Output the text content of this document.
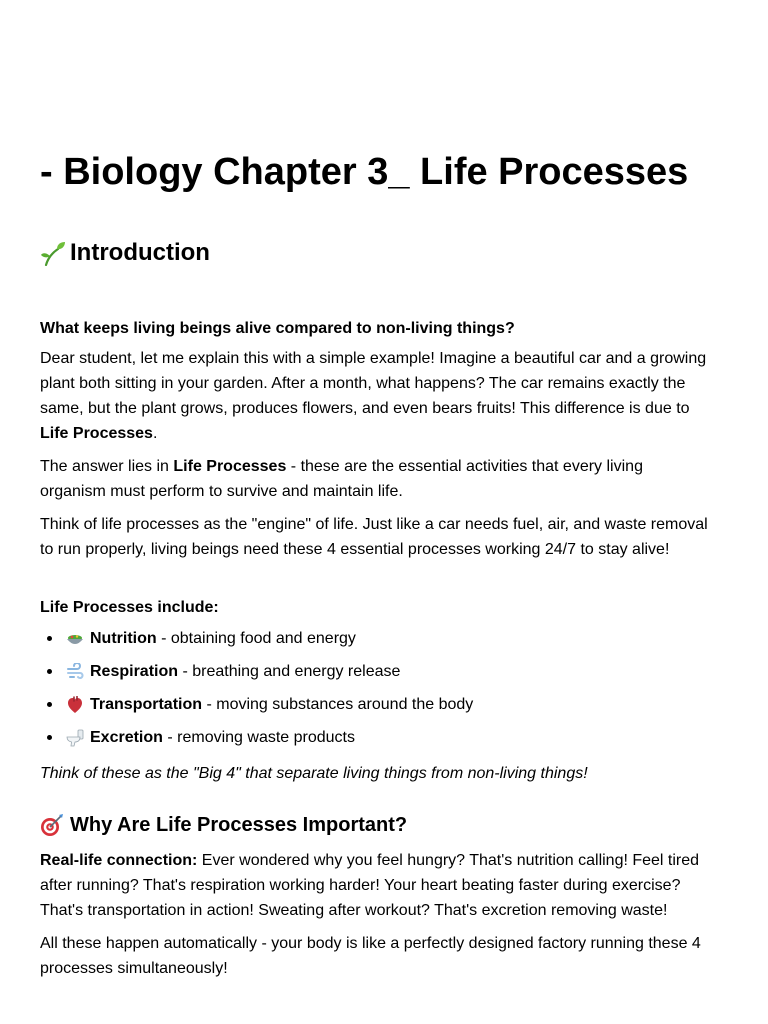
- Biology Chapter 3_ Life Processes
Introduction

What keeps living beings alive compared to non-living things?

Dear student, let me explain this with a simple example! Imagine a beautiful car and a growing plant both sitting in your garden. After a month, what happens? The car remains exactly the same, but the plant grows, produces flowers, and even bears fruits! This difference is due to Life Processes.

The answer lies in Life Processes - these are the essential activities that every living organism must perform to survive and maintain life.

Think of life processes as the "engine" of life. Just like a car needs fuel, air, and waste removal to run properly, living beings need these 4 essential processes working 24/7 to stay alive!

Life Processes include:

Nutrition - obtaining food and energy
Respiration - breathing and energy release
Transportation - moving substances around the body
Excretion - removing waste products

Think of these as the "Big 4" that separate living things from non-living things!

Why Are Life Processes Important?

Real-life connection: Ever wondered why you feel hungry? That's nutrition calling! Feel tired after running? That's respiration working harder! Your heart beating faster during exercise? That's transportation in action! Sweating after workout? That's excretion removing waste!

All these happen automatically - your body is like a perfectly designed factory running these 4 processes simultaneously!
